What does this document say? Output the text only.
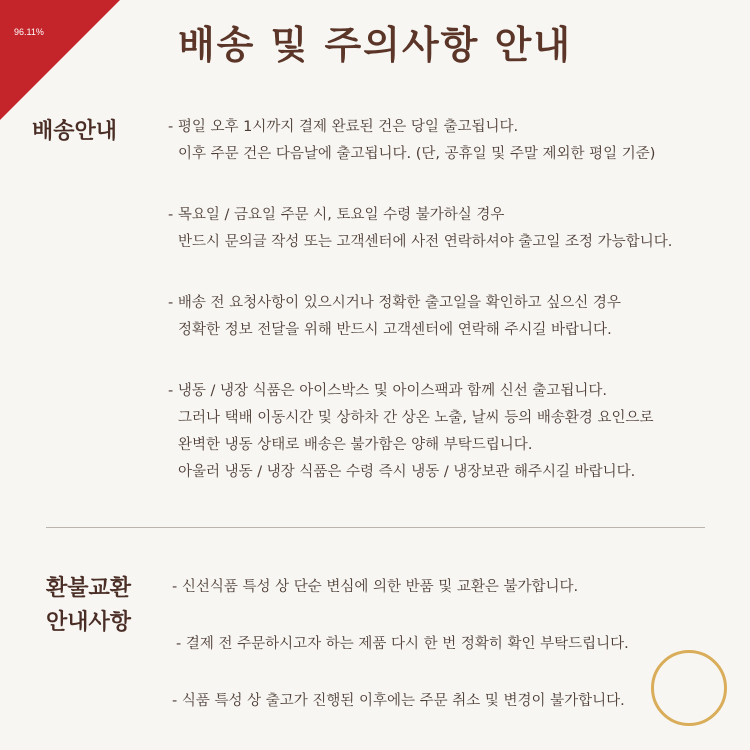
96.11%	배송 및 주의사항 안내
배송안내	- 평일 오후 1시까지 결제 완료된 건은 당일 출고됩니다.
이후 주문 건은 다음날에 출고됩니다. (단, 공휴일 및 주말 제외한 평일 기준)
- 목요일 / 금요일 주문 시, 토요일 수령 불가하실 경우
반드시 문의글 작성 또는 고객센터에 사전 연락하셔야 출고일 조정 가능합니다.
- 배송 전 요청사항이 있으시거나 정확한 출고일을 확인하고 싶으신 경우
정확한 정보 전달을 위해 반드시 고객센터에 연락해 주시길 바랍니다.
- 냉동 / 냉장 식품은 아이스박스 및 아이스팩과 함께 신선 출고됩니다.
그러나 택배 이동시간 및 상하차 간 상온 노출, 날씨 등의 배송환경 요인으로
완벽한 냉동 상태로 배송은 불가함은 양해 부탁드립니다.
아울러 냉동 / 냉장 식품은 수령 즉시 냉동 / 냉장보관 해주시길 바랍니다.
환불교환
안내사항
- 신선식품 특성 상 단순 변심에 의한 반품 및 교환은 불가합니다.
- 결제 전 주문하시고자 하는 제품 다시 한 번 정확히 확인 부탁드립니다.
- 식품 특성 상 출고가 진행된 이후에는 주문 취소 및 변경이 불가합니다.
